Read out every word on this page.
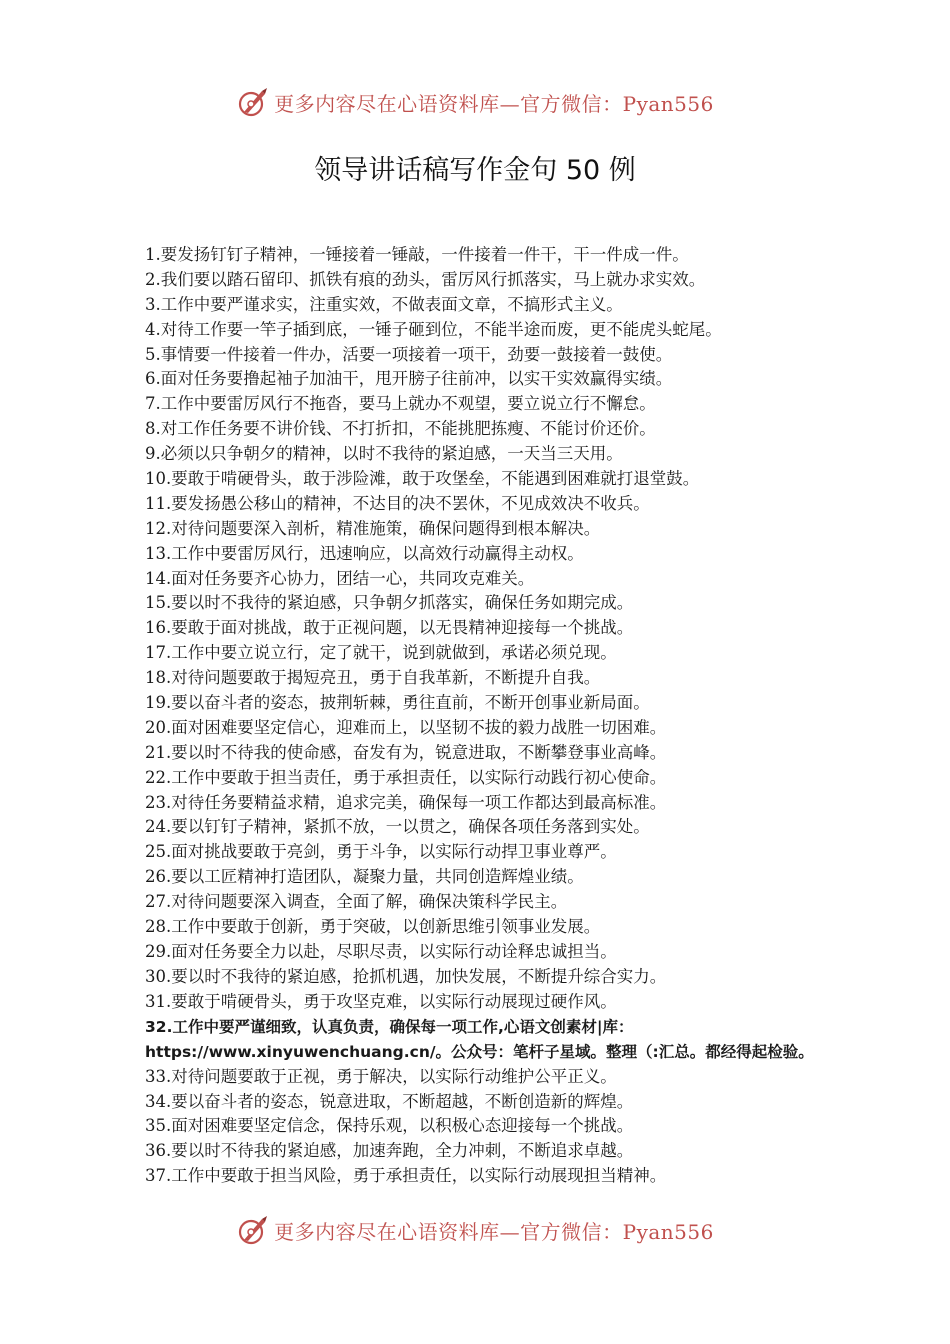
更多内容尽在心语资料库—官方微信：Pyan556
领导讲话稿写作金句 50 例
1.要发扬钉钉子精神，一锤接着一锤敲，一件接着一件干，干一件成一件。
2.我们要以踏石留印、抓铁有痕的劲头，雷厉风行抓落实，马上就办求实效。
3.工作中要严谨求实，注重实效，不做表面文章，不搞形式主义。
4.对待工作要一竿子插到底，一锤子砸到位，不能半途而废，更不能虎头蛇尾。
5.事情要一件接着一件办，活要一项接着一项干，劲要一鼓接着一鼓使。
6.面对任务要撸起袖子加油干，甩开膀子往前冲，以实干实效赢得实绩。
7.工作中要雷厉风行不拖沓，要马上就办不观望，要立说立行不懈怠。
8.对工作任务要不讲价钱、不打折扣，不能挑肥拣瘦、不能讨价还价。
9.必须以只争朝夕的精神，以时不我待的紧迫感，一天当三天用。
10.要敢于啃硬骨头，敢于涉险滩，敢于攻堡垒，不能遇到困难就打退堂鼓。
11.要发扬愚公移山的精神，不达目的决不罢休，不见成效决不收兵。
12.对待问题要深入剖析，精准施策，确保问题得到根本解决。
13.工作中要雷厉风行，迅速响应，以高效行动赢得主动权。
14.面对任务要齐心协力，团结一心，共同攻克难关。
15.要以时不我待的紧迫感，只争朝夕抓落实，确保任务如期完成。
16.要敢于面对挑战，敢于正视问题，以无畏精神迎接每一个挑战。
17.工作中要立说立行，定了就干，说到就做到，承诺必须兑现。
18.对待问题要敢于揭短亮丑，勇于自我革新，不断提升自我。
19.要以奋斗者的姿态，披荆斩棘，勇往直前，不断开创事业新局面。
20.面对困难要坚定信心，迎难而上，以坚韧不拔的毅力战胜一切困难。
21.要以时不待我的使命感，奋发有为，锐意进取，不断攀登事业高峰。
22.工作中要敢于担当责任，勇于承担责任，以实际行动践行初心使命。
23.对待任务要精益求精，追求完美，确保每一项工作都达到最高标准。
24.要以钉钉子精神，紧抓不放，一以贯之，确保各项任务落到实处。
25.面对挑战要敢于亮剑，勇于斗争，以实际行动捍卫事业尊严。
26.要以工匠精神打造团队，凝聚力量，共同创造辉煌业绩。
27.对待问题要深入调查，全面了解，确保决策科学民主。
28.工作中要敢于创新，勇于突破，以创新思维引领事业发展。
29.面对任务要全力以赴，尽职尽责，以实际行动诠释忠诚担当。
30.要以时不我待的紧迫感，抢抓机遇，加快发展，不断提升综合实力。
31.要敢于啃硬骨头，勇于攻坚克难，以实际行动展现过硬作风。
32.工作中要严谨细致，认真负责，确保每一项工作,心语文创素材|库：https://www.xinyuwenchuang.cn/。公众号：笔杆子星域。整理（:汇总。都经得起检验。
33.对待问题要敢于正视，勇于解决，以实际行动维护公平正义。
34.要以奋斗者的姿态，锐意进取，不断超越，不断创造新的辉煌。
35.面对困难要坚定信念，保持乐观，以积极心态迎接每一个挑战。
36.要以时不待我的紧迫感，加速奔跑，全力冲刺，不断追求卓越。
37.工作中要敢于担当风险，勇于承担责任，以实际行动展现担当精神。
更多内容尽在心语资料库—官方微信：Pyan556
